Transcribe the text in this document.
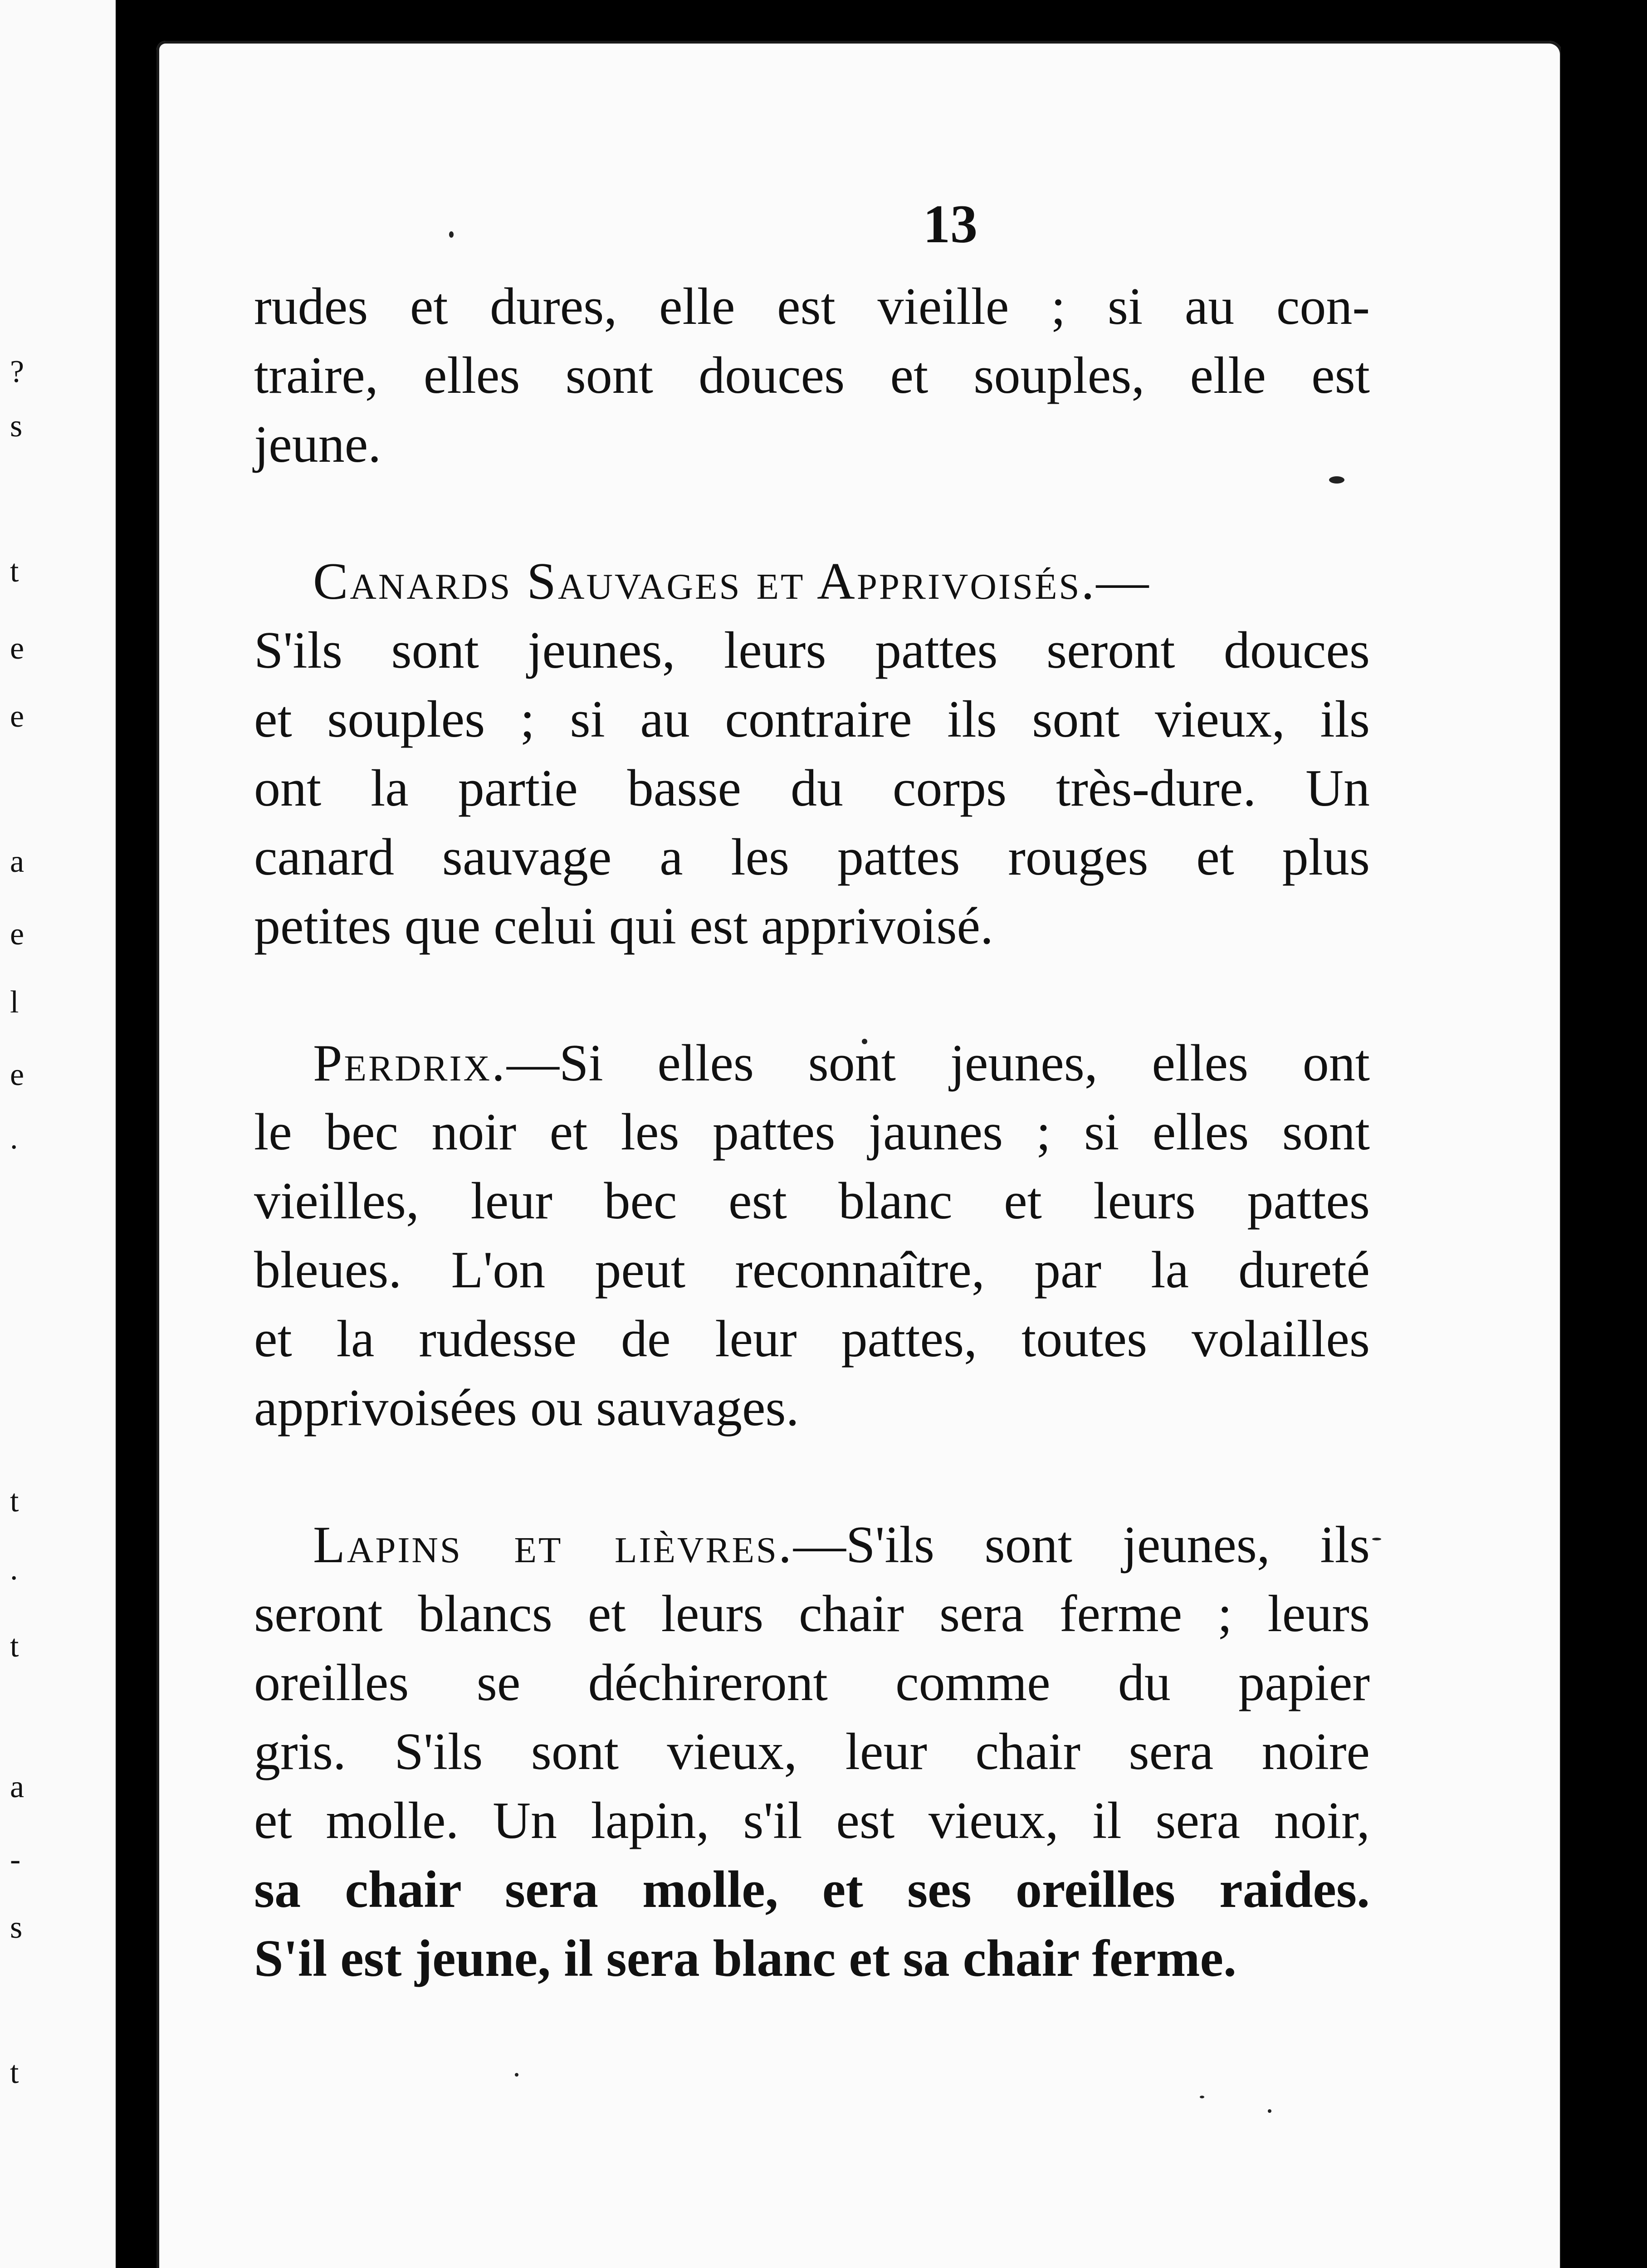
?
s
t
e
e
a
e
l
e
.
t
.
t
a
-
s
t
13
rudes et dures, elle est vieille ; si au con-
traire, elles sont douces et souples, elle est
jeune.
Canards Sauvages et Apprivoisés.—
S'ils sont jeunes, leurs pattes seront douces
et souples ; si au contraire ils sont vieux, ils
ont la partie basse du corps très-dure. Un
canard sauvage a les pattes rouges et plus
petites que celui qui est apprivoisé.
Perdrix.—Si elles sont jeunes, elles ont
le bec noir et les pattes jaunes ; si elles sont
vieilles, leur bec est blanc et leurs pattes
bleues. L'on peut reconnaître, par la dureté
et la rudesse de leur pattes, toutes volailles
apprivoisées ou sauvages.
Lapins et lièvres.—S'ils sont jeunes, ils
seront blancs et leurs chair sera ferme ; leurs
oreilles se déchireront comme du papier
gris. S'ils sont vieux, leur chair sera noire
et molle. Un lapin, s'il est vieux, il sera noir,
sa chair sera molle, et ses oreilles raides.
S'il est jeune, il sera blanc et sa chair ferme.
